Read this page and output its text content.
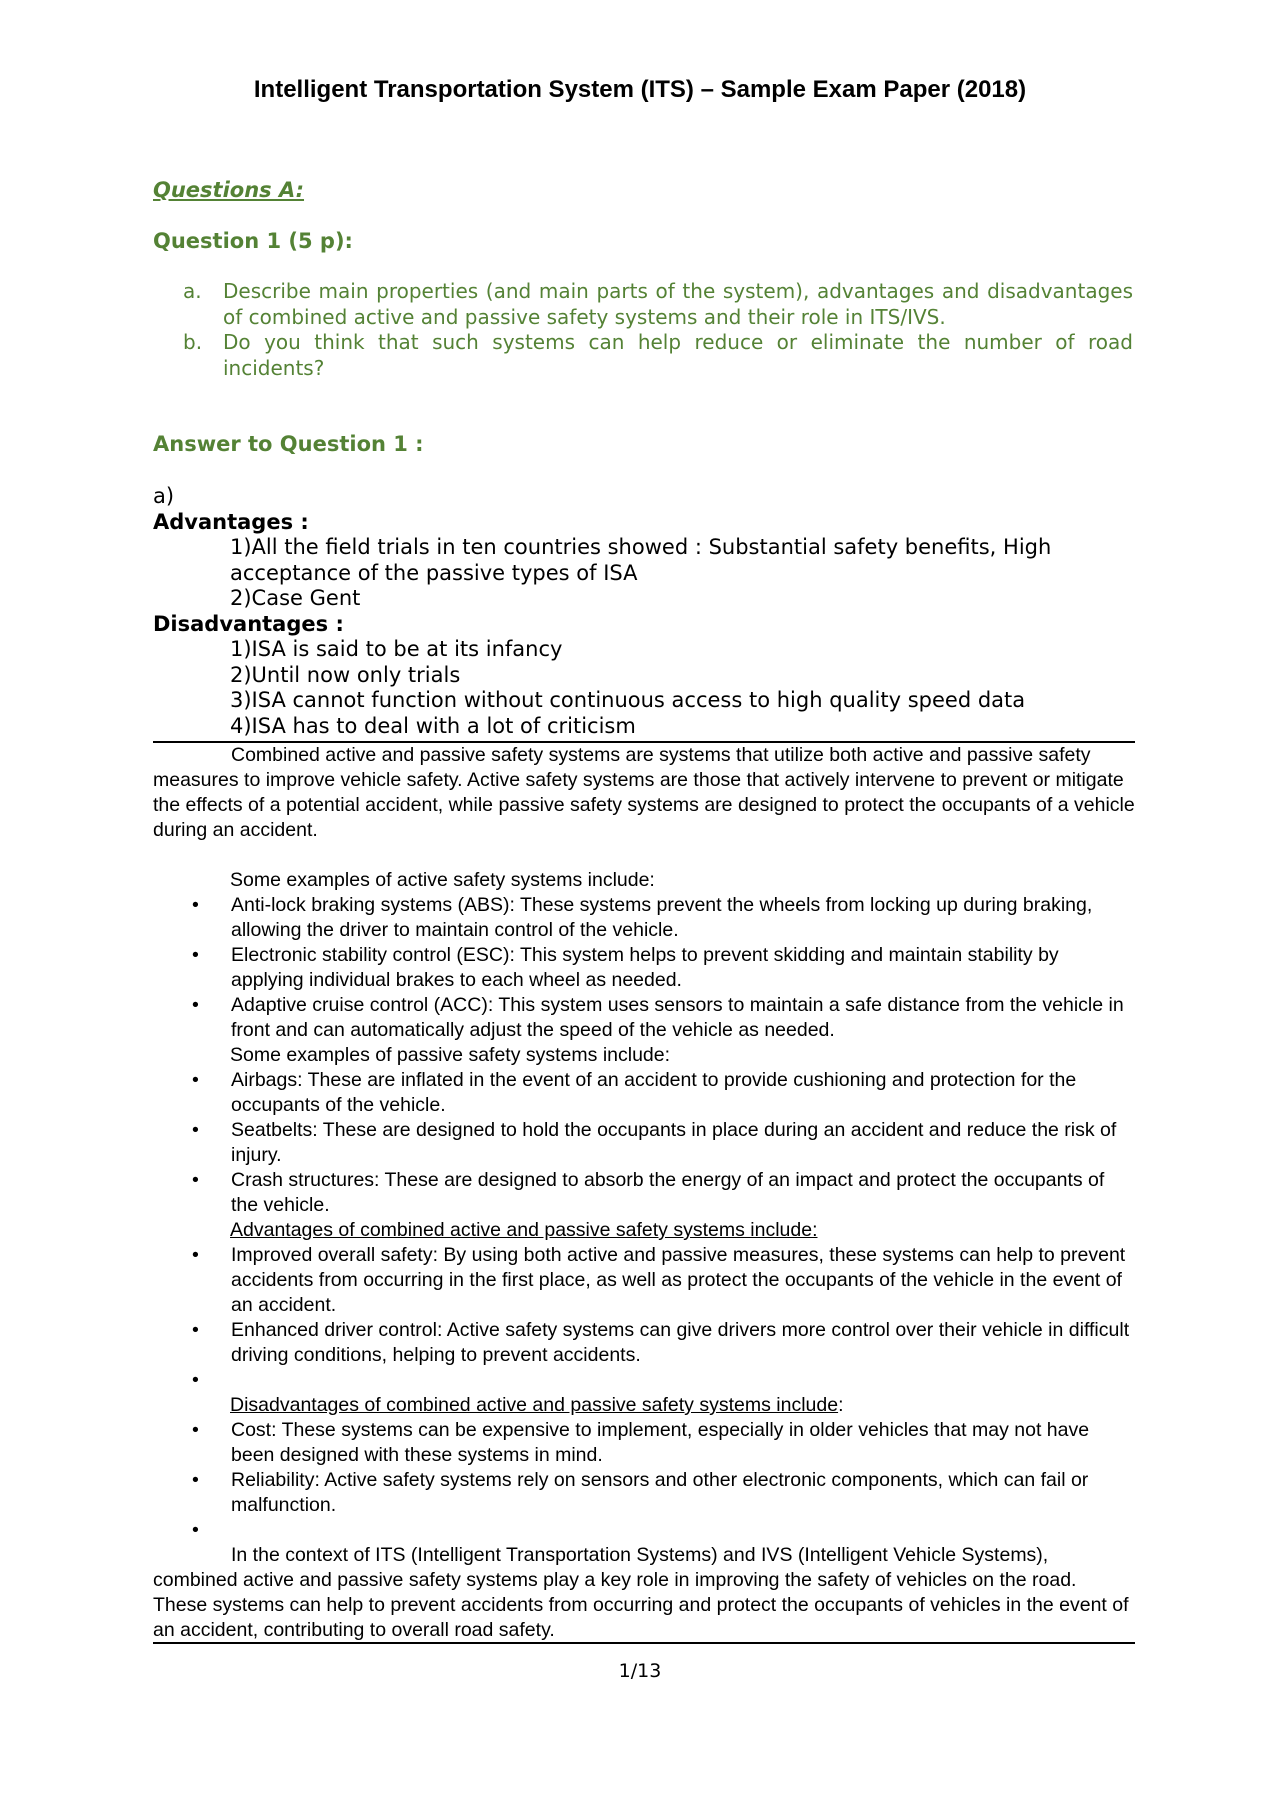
Intelligent Transportation System (ITS) – Sample Exam Paper (2018)
Questions A:
Question 1 (5 p):
a. Describe main properties (and main parts of the system), advantages and disadvantages of combined active and passive safety systems and their role in ITS/IVS.
b. Do you think that such systems can help reduce or eliminate the number of road incidents?
Answer to Question 1 :
a)
Advantages :
1)All the field trials in ten countries showed : Substantial safety benefits, High acceptance of the passive types of ISA
2)Case Gent
Disadvantages :
1)ISA is said to be at its infancy
2)Until now only trials
3)ISA cannot function without continuous access to high quality speed data
4)ISA has to deal with a lot of criticism
Combined active and passive safety systems are systems that utilize both active and passive safety measures to improve vehicle safety. Active safety systems are those that actively intervene to prevent or mitigate the effects of a potential accident, while passive safety systems are designed to protect the occupants of a vehicle during an accident.
Some examples of active safety systems include:
• Anti-lock braking systems (ABS): These systems prevent the wheels from locking up during braking, allowing the driver to maintain control of the vehicle.
• Electronic stability control (ESC): This system helps to prevent skidding and maintain stability by applying individual brakes to each wheel as needed.
• Adaptive cruise control (ACC): This system uses sensors to maintain a safe distance from the vehicle in front and can automatically adjust the speed of the vehicle as needed.
Some examples of passive safety systems include:
• Airbags: These are inflated in the event of an accident to provide cushioning and protection for the occupants of the vehicle.
• Seatbelts: These are designed to hold the occupants in place during an accident and reduce the risk of injury.
• Crash structures: These are designed to absorb the energy of an impact and protect the occupants of the vehicle.
Advantages of combined active and passive safety systems include:
• Improved overall safety: By using both active and passive measures, these systems can help to prevent accidents from occurring in the first place, as well as protect the occupants of the vehicle in the event of an accident.
• Enhanced driver control: Active safety systems can give drivers more control over their vehicle in difficult driving conditions, helping to prevent accidents.
•
Disadvantages of combined active and passive safety systems include:
• Cost: These systems can be expensive to implement, especially in older vehicles that may not have been designed with these systems in mind.
• Reliability: Active safety systems rely on sensors and other electronic components, which can fail or malfunction.
•
In the context of ITS (Intelligent Transportation Systems) and IVS (Intelligent Vehicle Systems), combined active and passive safety systems play a key role in improving the safety of vehicles on the road. These systems can help to prevent accidents from occurring and protect the occupants of vehicles in the event of an accident, contributing to overall road safety.
1/13
